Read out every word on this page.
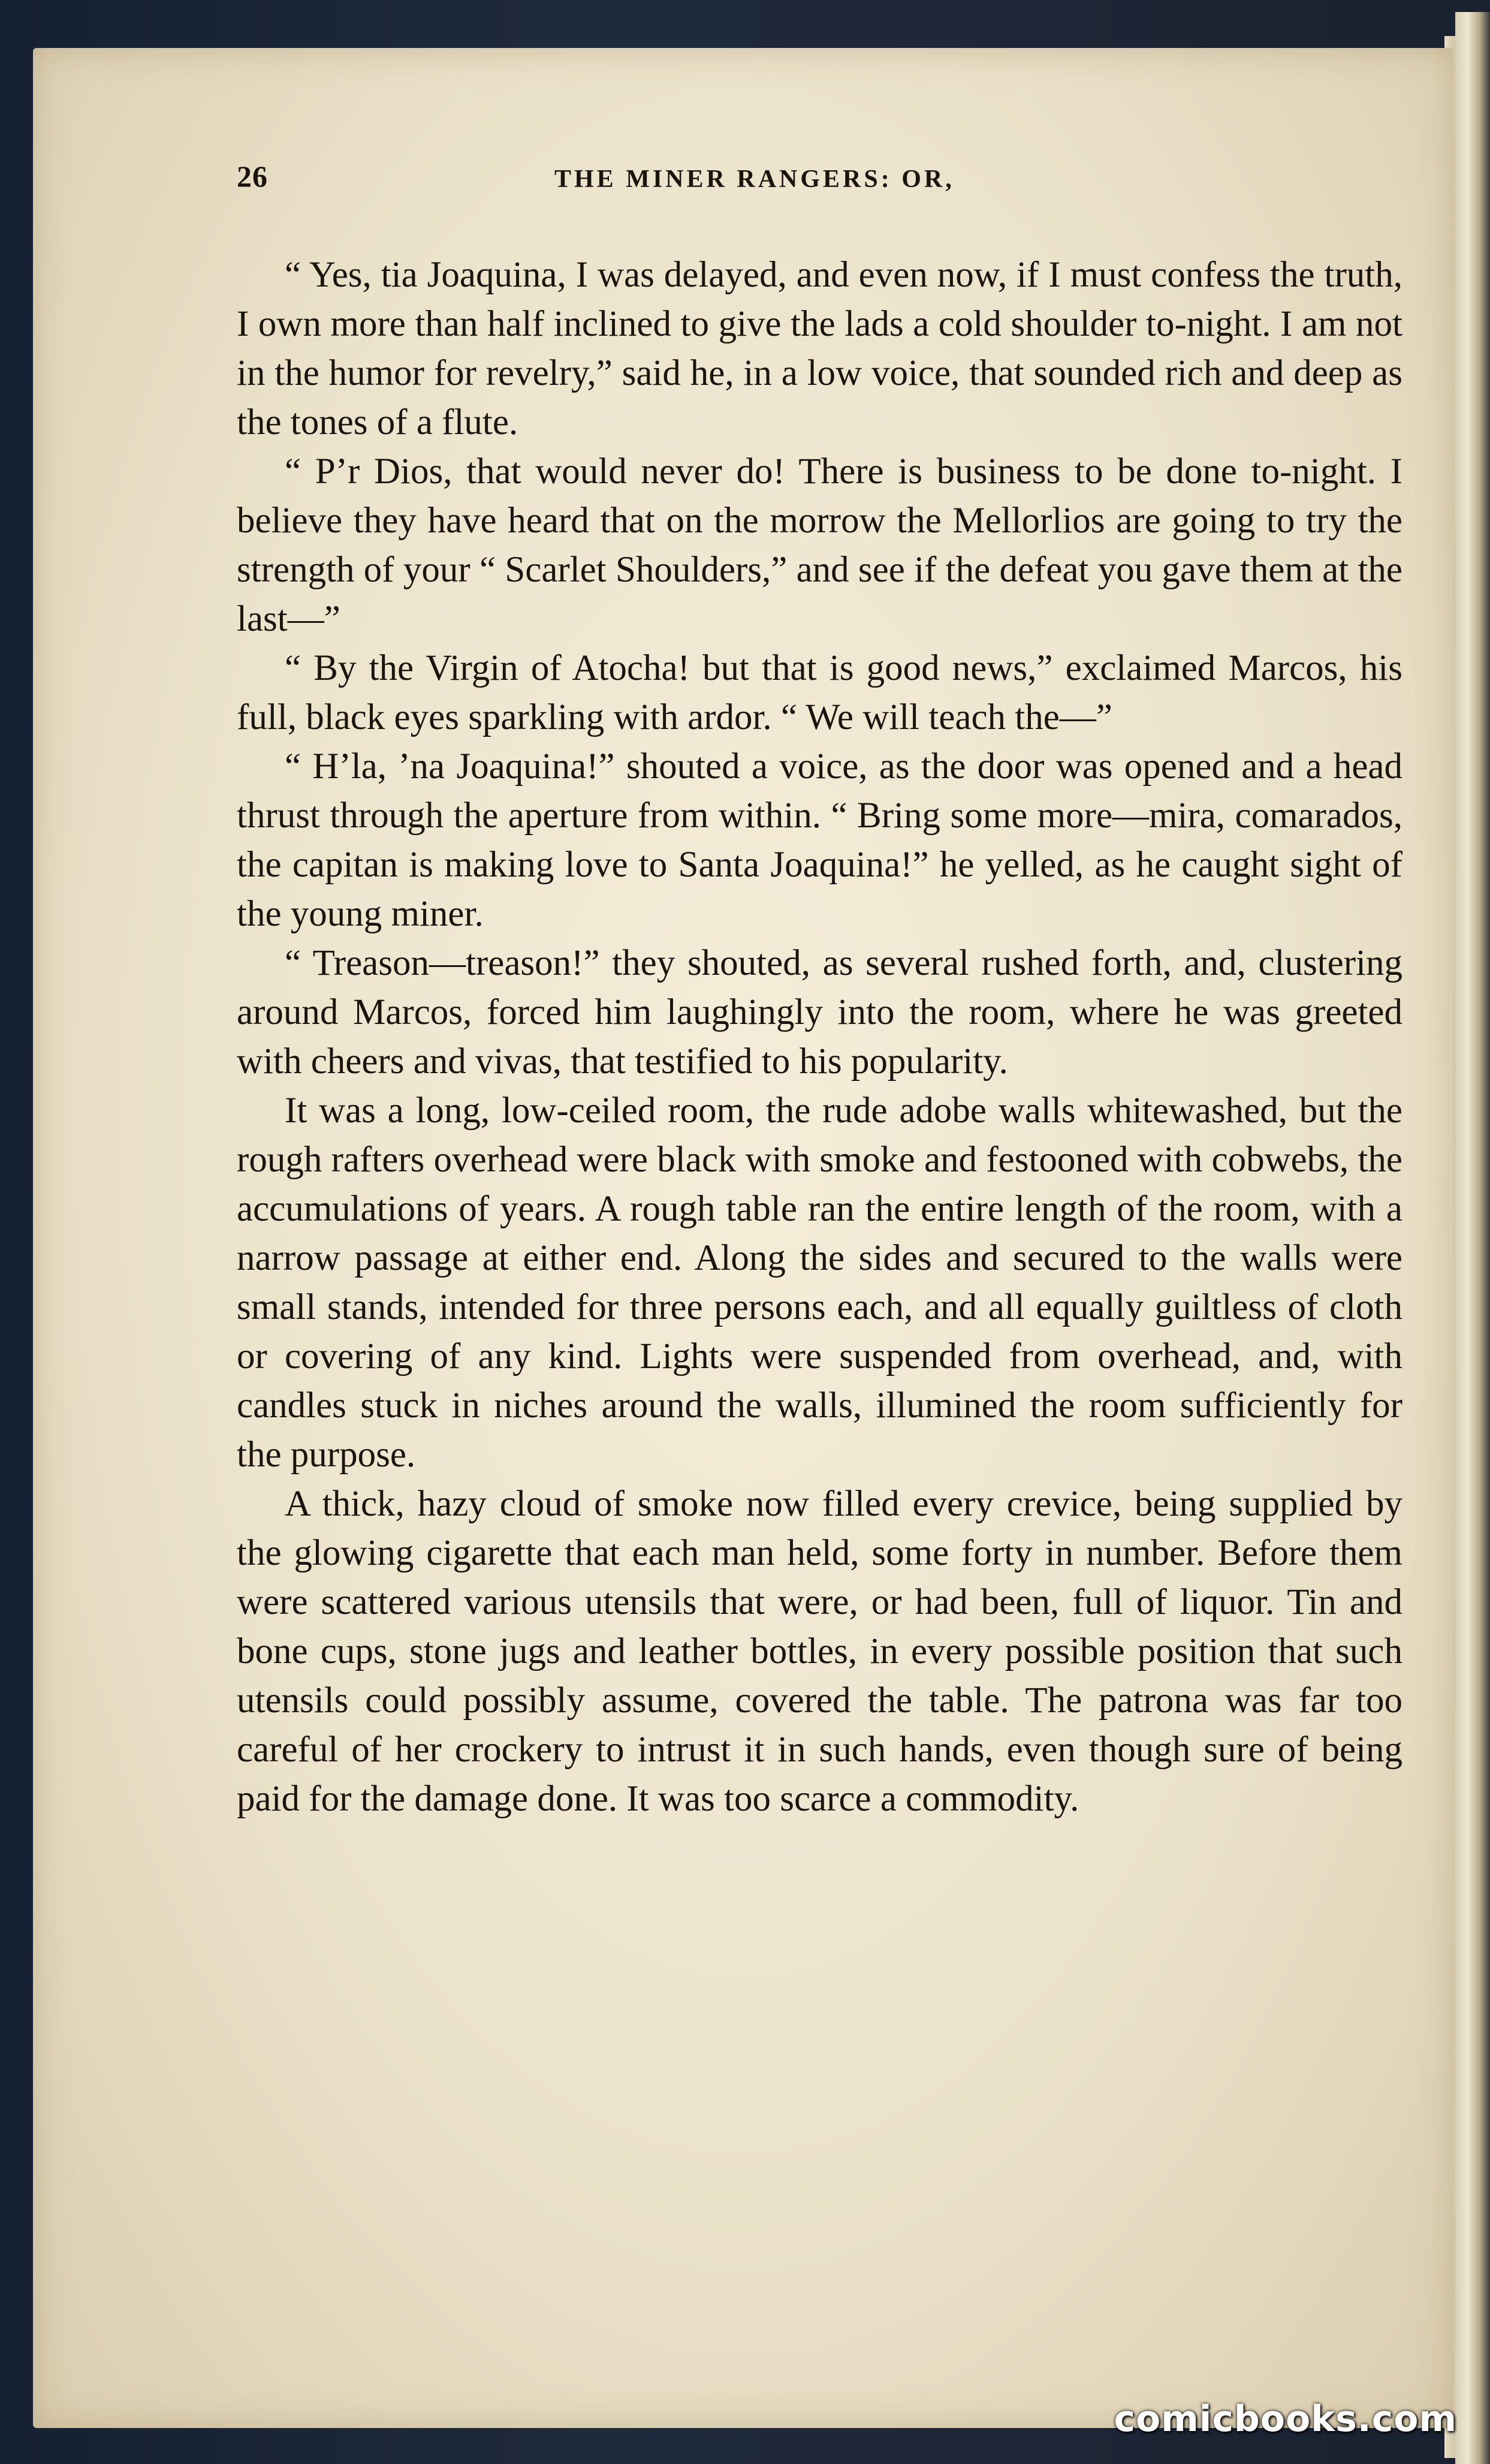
26	THE MINER RANGERS: OR,

“ Yes, tia Joaquina, I was delayed, and even now, if I must confess the truth, I own more than half inclined to give the lads a cold shoulder to-night. I am not in the humor for revelry,” said he, in a low voice, that sounded rich and deep as the tones of a flute.

“ P’r Dios, that would never do! There is business to be done to-night. I believe they have heard that on the morrow the Mellorlios are going to try the strength of your “ Scarlet Shoulders,” and see if the defeat you gave them at the last—”

“ By the Virgin of Atocha! but that is good news,” exclaimed Marcos, his full, black eyes sparkling with ardor. “ We will teach the—”

“ H’la, ’na Joaquina!” shouted a voice, as the door was opened and a head thrust through the aperture from within. “ Bring some more—mira, comarados, the capitan is making love to Santa Joaquina!” he yelled, as he caught sight of the young miner.

“ Treason—treason!” they shouted, as several rushed forth, and, clustering around Marcos, forced him laughingly into the room, where he was greeted with cheers and vivas, that testified to his popularity.

It was a long, low-ceiled room, the rude adobe walls whitewashed, but the rough rafters overhead were black with smoke and festooned with cobwebs, the accumulations of years. A rough table ran the entire length of the room, with a narrow passage at either end. Along the sides and secured to the walls were small stands, intended for three persons each, and all equally guiltless of cloth or covering of any kind. Lights were suspended from overhead, and, with candles stuck in niches around the walls, illumined the room sufficiently for the purpose.

A thick, hazy cloud of smoke now filled every crevice, being supplied by the glowing cigarette that each man held, some forty in number. Before them were scattered various utensils that were, or had been, full of liquor. Tin and bone cups, stone jugs and leather bottles, in every possible position that such utensils could possibly assume, covered the table. The patrona was far too careful of her crockery to intrust it in such hands, even though sure of being paid for the damage done. It was too scarce a commodity.

comicbooks.com
